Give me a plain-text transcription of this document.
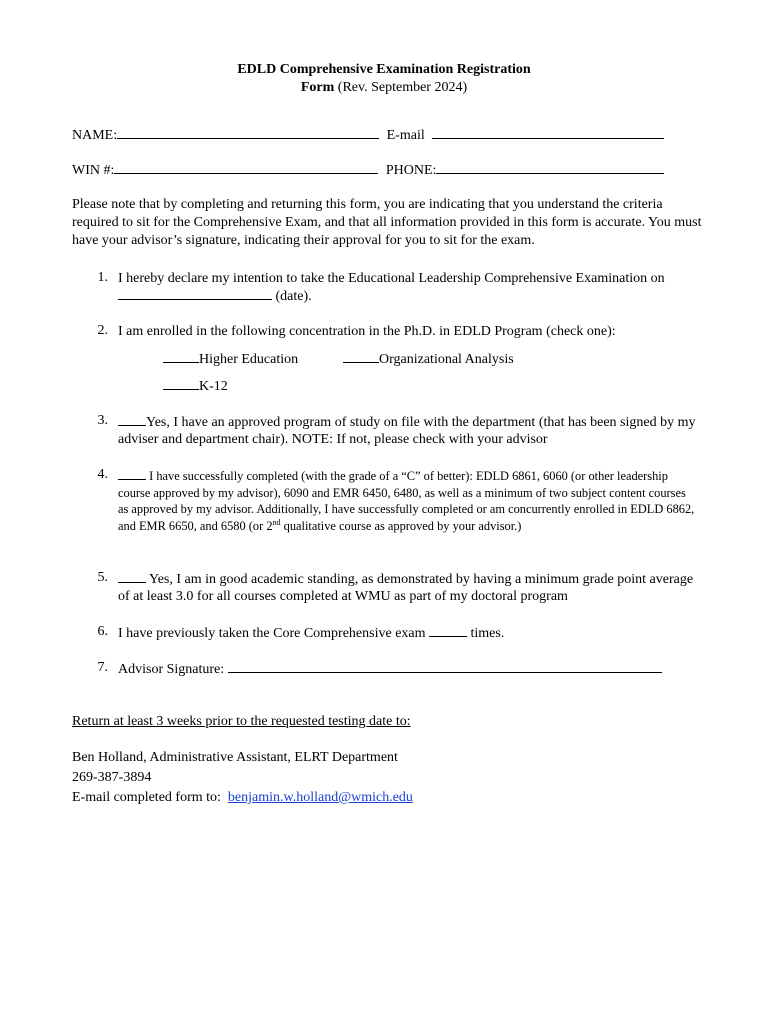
EDLD Comprehensive Examination Registration
Form (Rev. September 2024)
NAME:	E-mail
WIN #:	PHONE:
Please note that by completing and returning this form, you are indicating that you understand the criteria required to sit for the Comprehensive Exam, and that all information provided in this form is accurate. You must have your advisor’s signature, indicating their approval for you to sit for the exam.
1. I hereby declare my intention to take the Educational Leadership Comprehensive Examination on
(date).
2. I am enrolled in the following concentration in the Ph.D. in EDLD Program (check one):
Higher Education	Organizational Analysis
K-12
3.	Yes, I have an approved program of study on file with the department (that has been signed by my adviser and department chair). NOTE: If not, please check with your advisor
4.	I have successfully completed (with the grade of a “C” of better): EDLD 6861, 6060 (or other leadership course approved by my advisor), 6090 and EMR 6450, 6480, as well as a minimum of two subject content courses as approved by my advisor. Additionally, I have successfully completed or am concurrently enrolled in EDLD 6862, and EMR 6650, and 6580 (or 2nd qualitative course as approved by your advisor.)
5.	Yes, I am in good academic standing, as demonstrated by having a minimum grade point average of at least 3.0 for all courses completed at WMU as part of my doctoral program
6. I have previously taken the Core Comprehensive exam	times.
7. Advisor Signature:
Return at least 3 weeks prior to the requested testing date to:
Ben Holland, Administrative Assistant, ELRT Department
269-387-3894
E-mail completed form to:  benjamin.w.holland@wmich.edu
